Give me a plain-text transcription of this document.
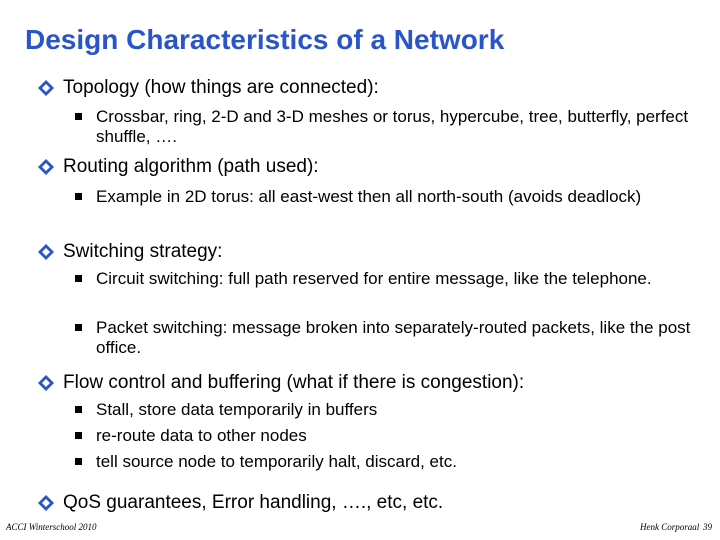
Design Characteristics of a Network
Topology (how things are connected):
Crossbar, ring, 2-D and 3-D meshes or torus, hypercube, tree, butterfly, perfect shuffle, ….
Routing algorithm (path used):
Example in 2D torus: all east-west then all north-south (avoids deadlock)
Switching strategy:
Circuit switching: full path reserved for entire message, like the telephone.
Packet switching: message broken into separately-routed packets, like the post office.
Flow control and buffering (what if there is congestion):
Stall, store data temporarily in buffers
re-route data to other nodes
tell source node to temporarily halt, discard, etc.
QoS guarantees, Error handling, …., etc, etc.
ACCI Winterschool 2010	Henk Corporaal 39
